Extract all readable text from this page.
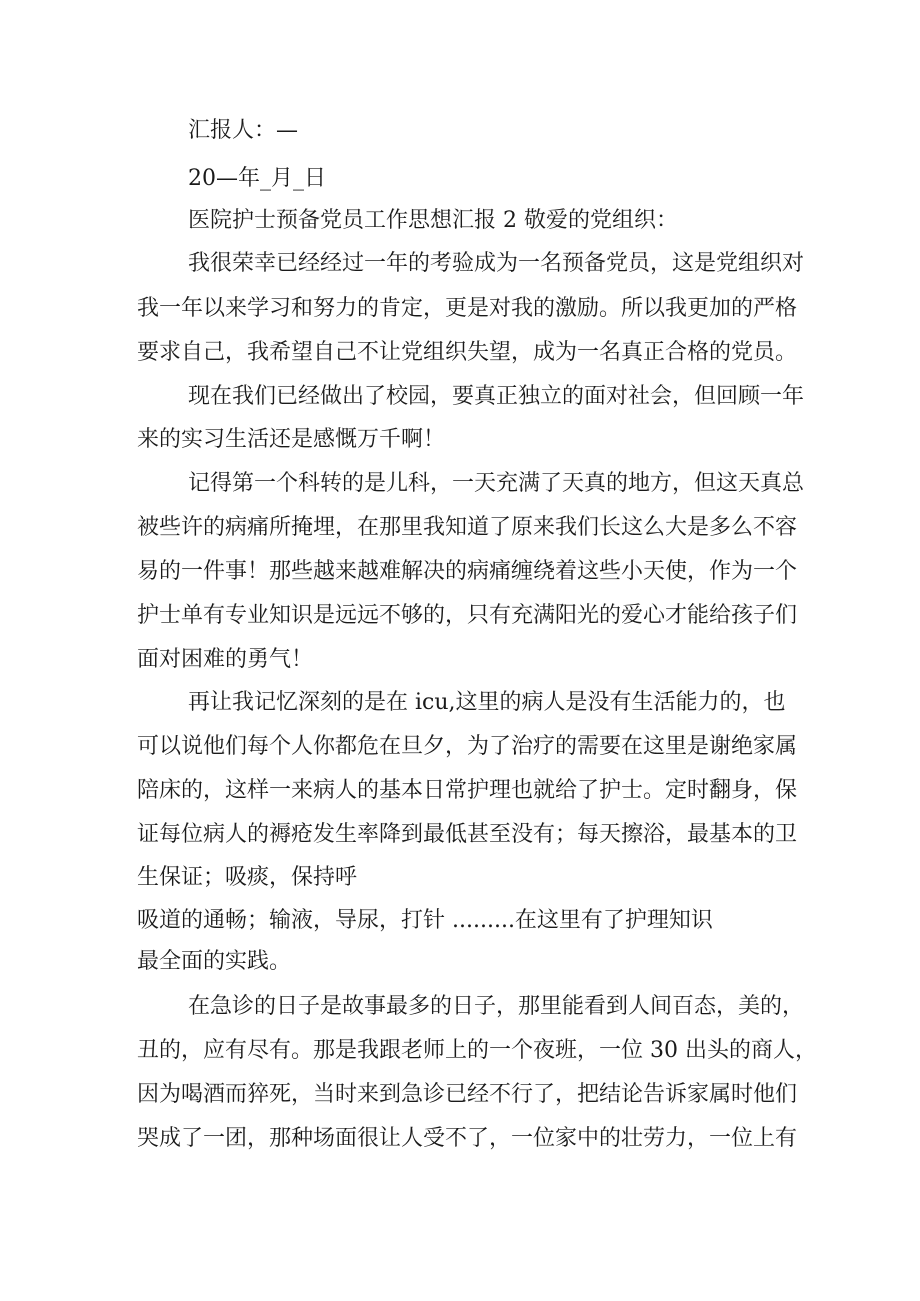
汇报人：—
20—年_月_日
医院护士预备党员工作思想汇报 2 敬爱的党组织：
我很荣幸已经经过一年的考验成为一名预备党员，这是党组织对
我一年以来学习和努力的肯定，更是对我的激励。所以我更加的严格
要求自己，我希望自己不让党组织失望，成为一名真正合格的党员。
现在我们已经做出了校园，要真正独立的面对社会，但回顾一年
来的实习生活还是感慨万千啊！
记得第一个科转的是儿科，一天充满了天真的地方，但这天真总
被些许的病痛所掩埋，在那里我知道了原来我们长这么大是多么不容
易的一件事！那些越来越难解决的病痛缠绕着这些小天使，作为一个
护士单有专业知识是远远不够的，只有充满阳光的爱心才能给孩子们
面对困难的勇气！
再让我记忆深刻的是在 icu,这里的病人是没有生活能力的，也
可以说他们每个人你都危在旦夕，为了治疗的需要在这里是谢绝家属
陪床的，这样一来病人的基本日常护理也就给了护士。定时翻身，保
证每位病人的褥疮发生率降到最低甚至没有；每天擦浴，最基本的卫
生保证；吸痰，保持呼
吸道的通畅；输液，导尿，打针 .........在这里有了护理知识
最全面的实践。
在急诊的日子是故事最多的日子，那里能看到人间百态，美的，
丑的，应有尽有。那是我跟老师上的一个夜班，一位 30 出头的商人，
因为喝酒而猝死，当时来到急诊已经不行了，把结论告诉家属时他们
哭成了一团，那种场面很让人受不了，一位家中的壮劳力，一位上有
